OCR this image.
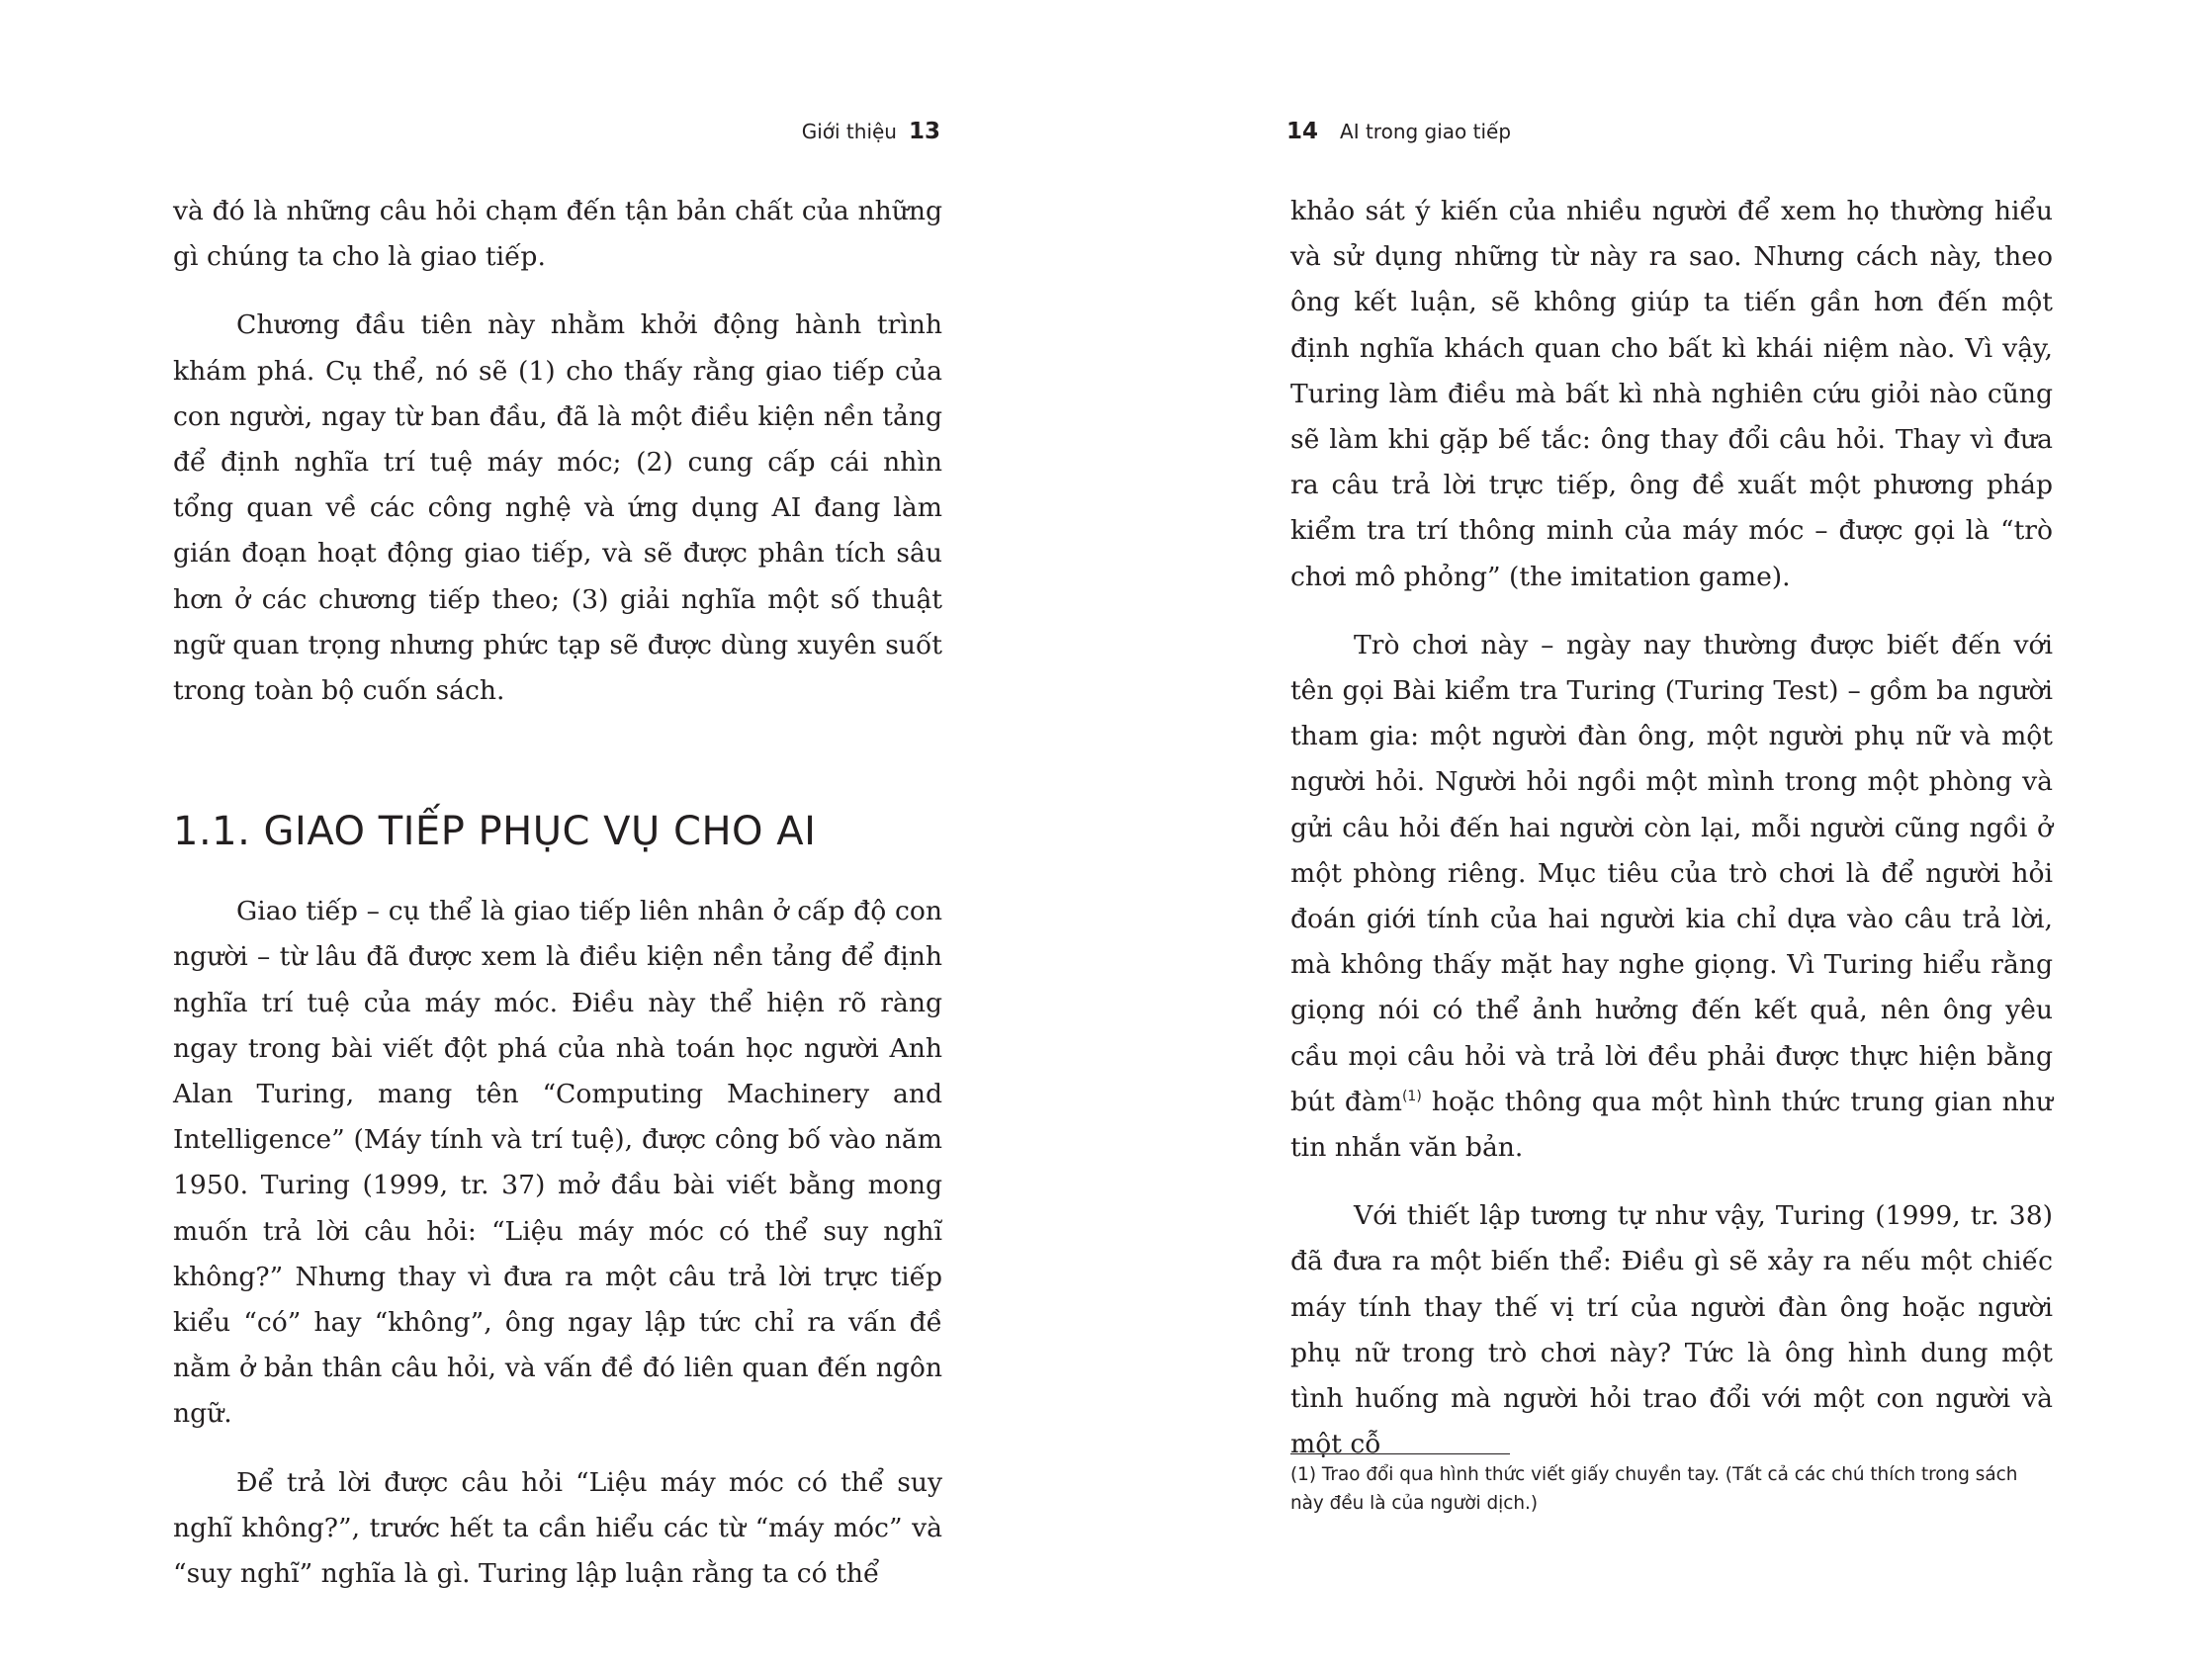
Giới thiệu 13

và đó là những câu hỏi chạm đến tận bản chất của những gì chúng ta cho là giao tiếp.

Chương đầu tiên này nhằm khởi động hành trình khám phá. Cụ thể, nó sẽ (1) cho thấy rằng giao tiếp của con người, ngay từ ban đầu, đã là một điều kiện nền tảng để định nghĩa trí tuệ máy móc; (2) cung cấp cái nhìn tổng quan về các công nghệ và ứng dụng AI đang làm gián đoạn hoạt động giao tiếp, và sẽ được phân tích sâu hơn ở các chương tiếp theo; (3) giải nghĩa một số thuật ngữ quan trọng nhưng phức tạp sẽ được dùng xuyên suốt trong toàn bộ cuốn sách.

1.1. GIAO TIẾP PHỤC VỤ CHO AI

Giao tiếp – cụ thể là giao tiếp liên nhân ở cấp độ con người – từ lâu đã được xem là điều kiện nền tảng để định nghĩa trí tuệ của máy móc. Điều này thể hiện rõ ràng ngay trong bài viết đột phá của nhà toán học người Anh Alan Turing, mang tên “Computing Machinery and Intelligence” (Máy tính và trí tuệ), được công bố vào năm 1950. Turing (1999, tr. 37) mở đầu bài viết bằng mong muốn trả lời câu hỏi: “Liệu máy móc có thể suy nghĩ không?” Nhưng thay vì đưa ra một câu trả lời trực tiếp kiểu “có” hay “không”, ông ngay lập tức chỉ ra vấn đề nằm ở bản thân câu hỏi, và vấn đề đó liên quan đến ngôn ngữ.

Để trả lời được câu hỏi “Liệu máy móc có thể suy nghĩ không?”, trước hết ta cần hiểu các từ “máy móc” và “suy nghĩ” nghĩa là gì. Turing lập luận rằng ta có thể

14 AI trong giao tiếp

khảo sát ý kiến của nhiều người để xem họ thường hiểu và sử dụng những từ này ra sao. Nhưng cách này, theo ông kết luận, sẽ không giúp ta tiến gần hơn đến một định nghĩa khách quan cho bất kì khái niệm nào. Vì vậy, Turing làm điều mà bất kì nhà nghiên cứu giỏi nào cũng sẽ làm khi gặp bế tắc: ông thay đổi câu hỏi. Thay vì đưa ra câu trả lời trực tiếp, ông đề xuất một phương pháp kiểm tra trí thông minh của máy móc – được gọi là “trò chơi mô phỏng” (the imitation game).

Trò chơi này – ngày nay thường được biết đến với tên gọi Bài kiểm tra Turing (Turing Test) – gồm ba người tham gia: một người đàn ông, một người phụ nữ và một người hỏi. Người hỏi ngồi một mình trong một phòng và gửi câu hỏi đến hai người còn lại, mỗi người cũng ngồi ở một phòng riêng. Mục tiêu của trò chơi là để người hỏi đoán giới tính của hai người kia chỉ dựa vào câu trả lời, mà không thấy mặt hay nghe giọng. Vì Turing hiểu rằng giọng nói có thể ảnh hưởng đến kết quả, nên ông yêu cầu mọi câu hỏi và trả lời đều phải được thực hiện bằng bút đàm$^{(1)}$ hoặc thông qua một hình thức trung gian như tin nhắn văn bản.

Với thiết lập tương tự như vậy, Turing (1999, tr. 38) đã đưa ra một biến thể: Điều gì sẽ xảy ra nếu một chiếc máy tính thay thế vị trí của người đàn ông hoặc người phụ nữ trong trò chơi này? Tức là ông hình dung một tình huống mà người hỏi trao đổi với một con người và một cỗ

(1) Trao đổi qua hình thức viết giấy chuyền tay. (Tất cả các chú thích trong sách này đều là của người dịch.)
